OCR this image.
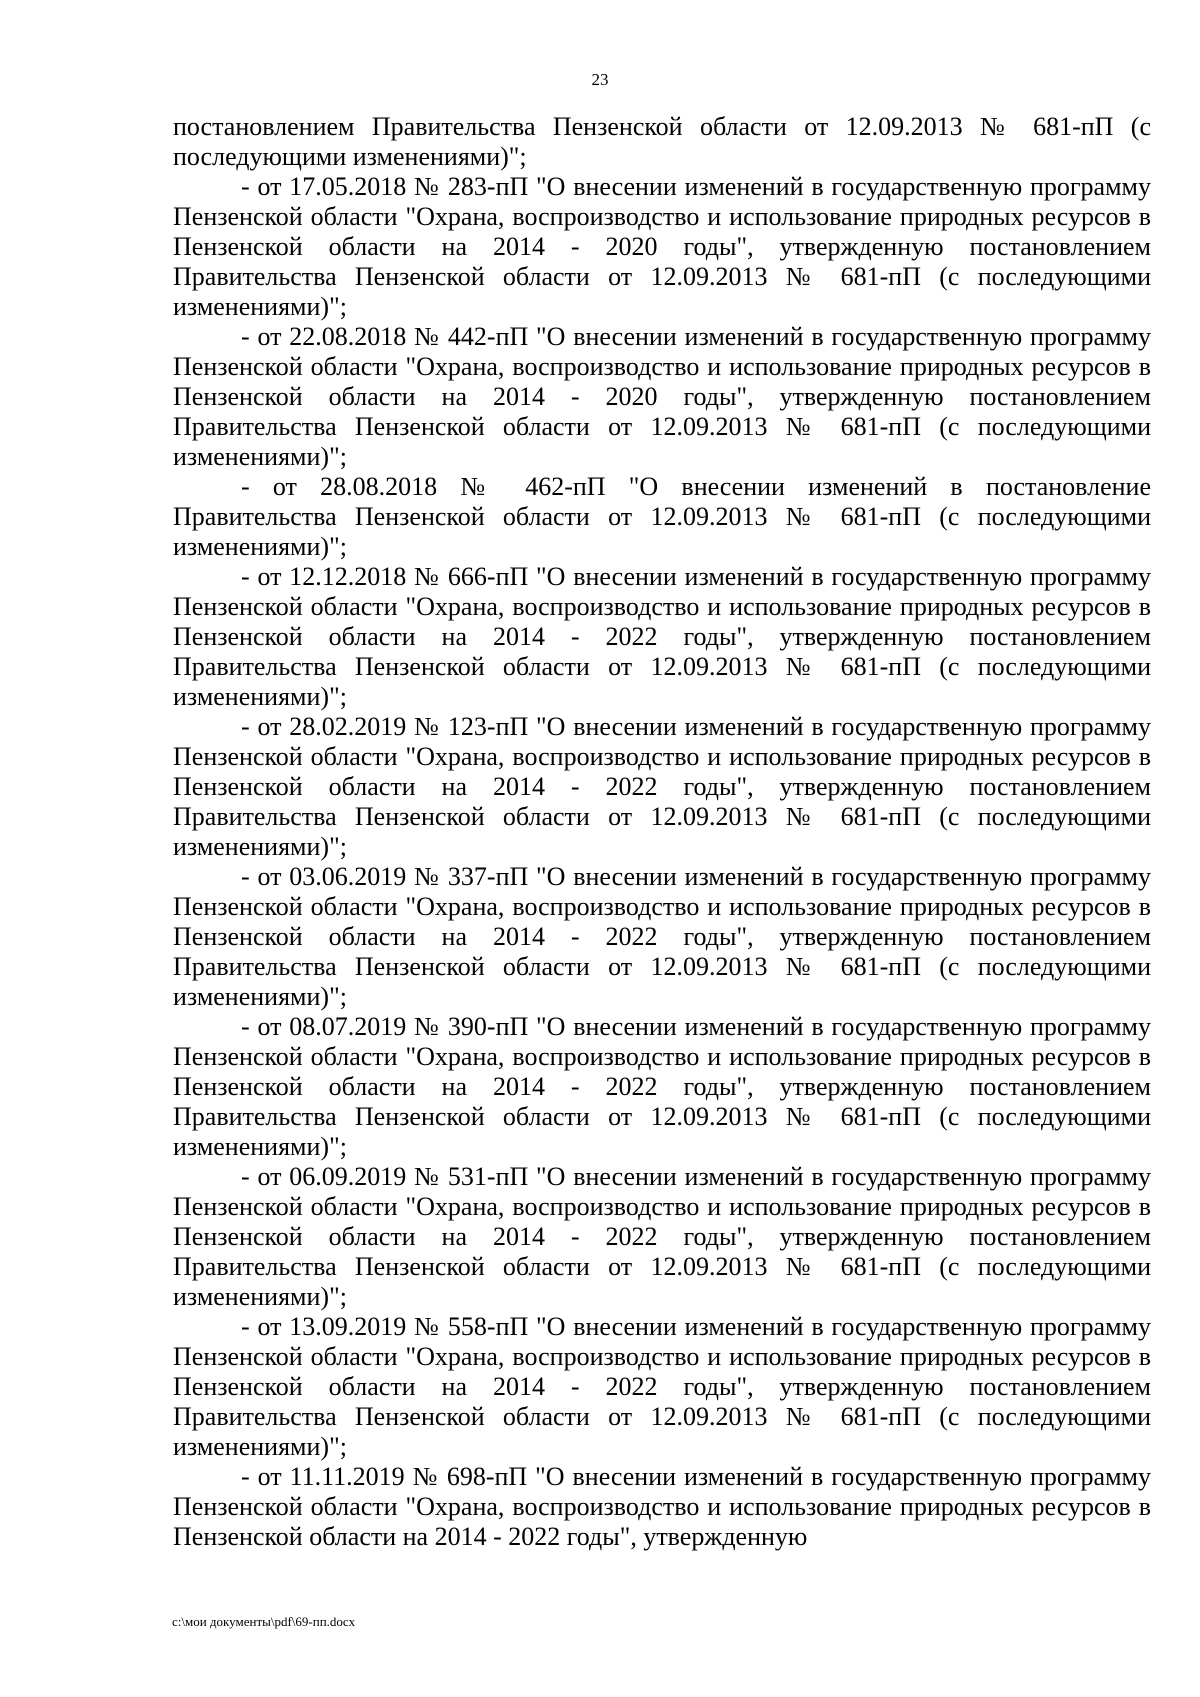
23

постановлением Правительства Пензенской области от 12.09.2013 № 681-пП (с последующими изменениями)";

- от 17.05.2018 № 283-пП "О внесении изменений в государственную программу Пензенской области "Охрана, воспроизводство и использование природных ресурсов в Пензенской области на 2014 - 2020 годы", утвержденную постановлением Правительства Пензенской области от 12.09.2013 № 681-пП (с последующими изменениями)";

- от 22.08.2018 № 442-пП "О внесении изменений в государственную программу Пензенской области "Охрана, воспроизводство и использование природных ресурсов в Пензенской области на 2014 - 2020 годы", утвержденную постановлением Правительства Пензенской области от 12.09.2013 № 681-пП (с последующими изменениями)";

- от 28.08.2018 № 462-пП "О внесении изменений в постановление Правительства Пензенской области от 12.09.2013 № 681-пП (с последующими изменениями)";

- от 12.12.2018 № 666-пП "О внесении изменений в государственную программу Пензенской области "Охрана, воспроизводство и использование природных ресурсов в Пензенской области на 2014 - 2022 годы", утвержденную постановлением Правительства Пензенской области от 12.09.2013 № 681-пП (с последующими изменениями)";

- от 28.02.2019 № 123-пП "О внесении изменений в государственную программу Пензенской области "Охрана, воспроизводство и использование природных ресурсов в Пензенской области на 2014 - 2022 годы", утвержденную постановлением Правительства Пензенской области от 12.09.2013 № 681-пП (с последующими изменениями)";

- от 03.06.2019 № 337-пП "О внесении изменений в государственную программу Пензенской области "Охрана, воспроизводство и использование природных ресурсов в Пензенской области на 2014 - 2022 годы", утвержденную постановлением Правительства Пензенской области от 12.09.2013 № 681-пП (с последующими изменениями)";

- от 08.07.2019 № 390-пП "О внесении изменений в государственную программу Пензенской области "Охрана, воспроизводство и использование природных ресурсов в Пензенской области на 2014 - 2022 годы", утвержденную постановлением Правительства Пензенской области от 12.09.2013 № 681-пП (с последующими изменениями)";

- от 06.09.2019 № 531-пП "О внесении изменений в государственную программу Пензенской области "Охрана, воспроизводство и использование природных ресурсов в Пензенской области на 2014 - 2022 годы", утвержденную постановлением Правительства Пензенской области от 12.09.2013 № 681-пП (с последующими изменениями)";

- от 13.09.2019 № 558-пП "О внесении изменений в государственную программу Пензенской области "Охрана, воспроизводство и использование природных ресурсов в Пензенской области на 2014 - 2022 годы", утвержденную постановлением Правительства Пензенской области от 12.09.2013 № 681-пП (с последующими изменениями)";

- от 11.11.2019 № 698-пП "О внесении изменений в государственную программу Пензенской области "Охрана, воспроизводство и использование природных ресурсов в Пензенской области на 2014 - 2022 годы", утвержденную

c:\мои документы\pdf\69-пп.docx
